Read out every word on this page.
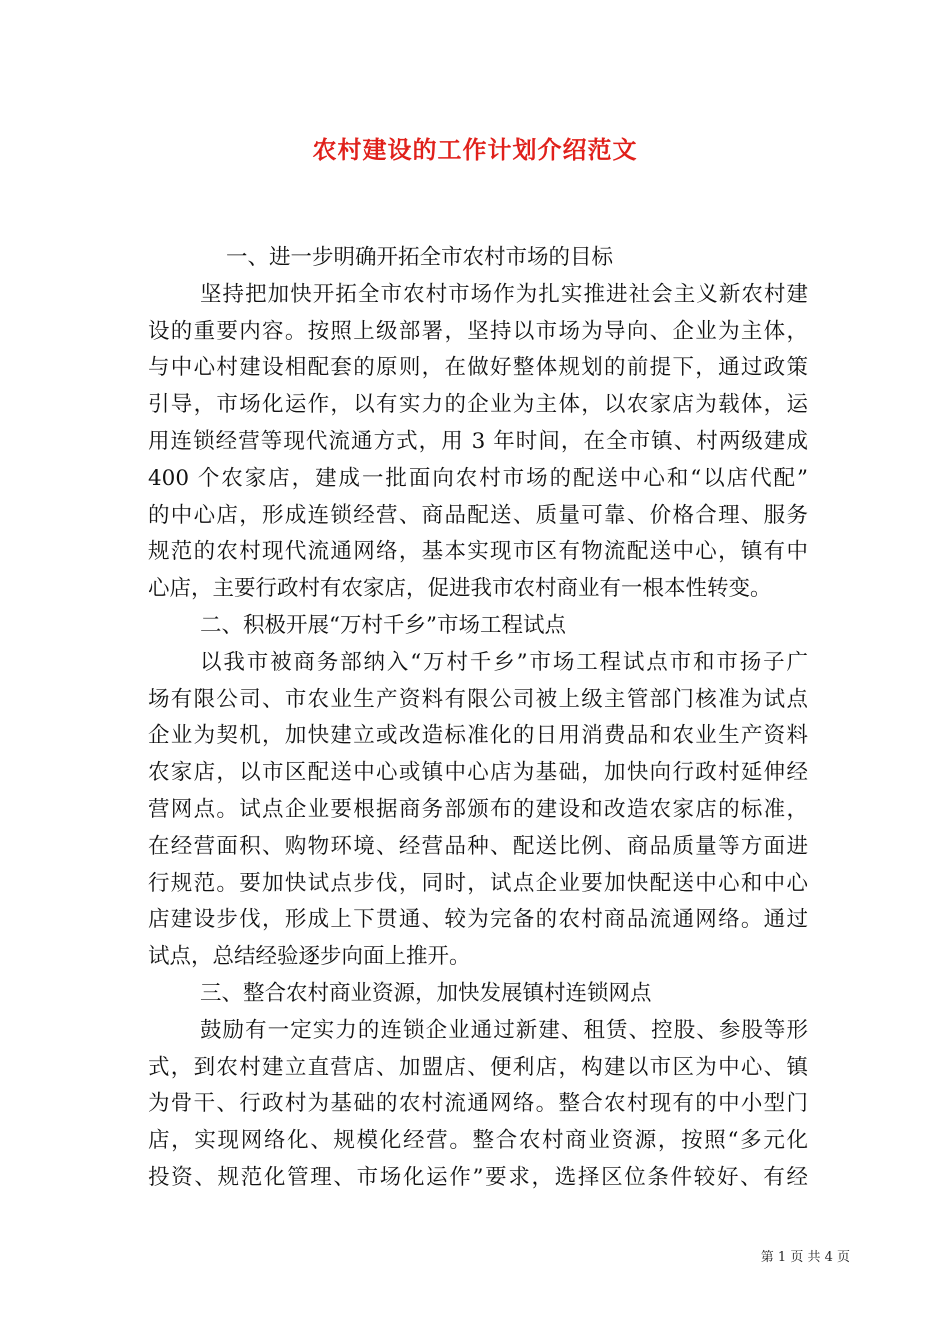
农村建设的工作计划介绍范文
一、进一步明确开拓全市农村市场的目标
坚持把加快开拓全市农村市场作为扎实推进社会主义新农村建
设的重要内容。按照上级部署，坚持以市场为导向、企业为主体，
与中心村建设相配套的原则，在做好整体规划的前提下，通过政策
引导，市场化运作，以有实力的企业为主体，以农家店为载体，运
用连锁经营等现代流通方式，用 3 年时间，在全市镇、村两级建成
400 个农家店，建成一批面向农村市场的配送中心和“以店代配”
的中心店，形成连锁经营、商品配送、质量可靠、价格合理、服务
规范的农村现代流通网络，基本实现市区有物流配送中心，镇有中
心店，主要行政村有农家店，促进我市农村商业有一根本性转变。
二、积极开展“万村千乡”市场工程试点
以我市被商务部纳入“万村千乡”市场工程试点市和市扬子广
场有限公司、市农业生产资料有限公司被上级主管部门核准为试点
企业为契机，加快建立或改造标准化的日用消费品和农业生产资料
农家店，以市区配送中心或镇中心店为基础，加快向行政村延伸经
营网点。试点企业要根据商务部颁布的建设和改造农家店的标准，
在经营面积、购物环境、经营品种、配送比例、商品质量等方面进
行规范。要加快试点步伐，同时，试点企业要加快配送中心和中心
店建设步伐，形成上下贯通、较为完备的农村商品流通网络。通过
试点，总结经验逐步向面上推开。
三、整合农村商业资源，加快发展镇村连锁网点
鼓励有一定实力的连锁企业通过新建、租赁、控股、参股等形
式，到农村建立直营店、加盟店、便利店，构建以市区为中心、镇
为骨干、行政村为基础的农村流通网络。整合农村现有的中小型门
店，实现网络化、规模化经营。整合农村商业资源，按照“多元化
投资、规范化管理、市场化运作”要求，选择区位条件较好、有经
第 1 页 共 4 页
